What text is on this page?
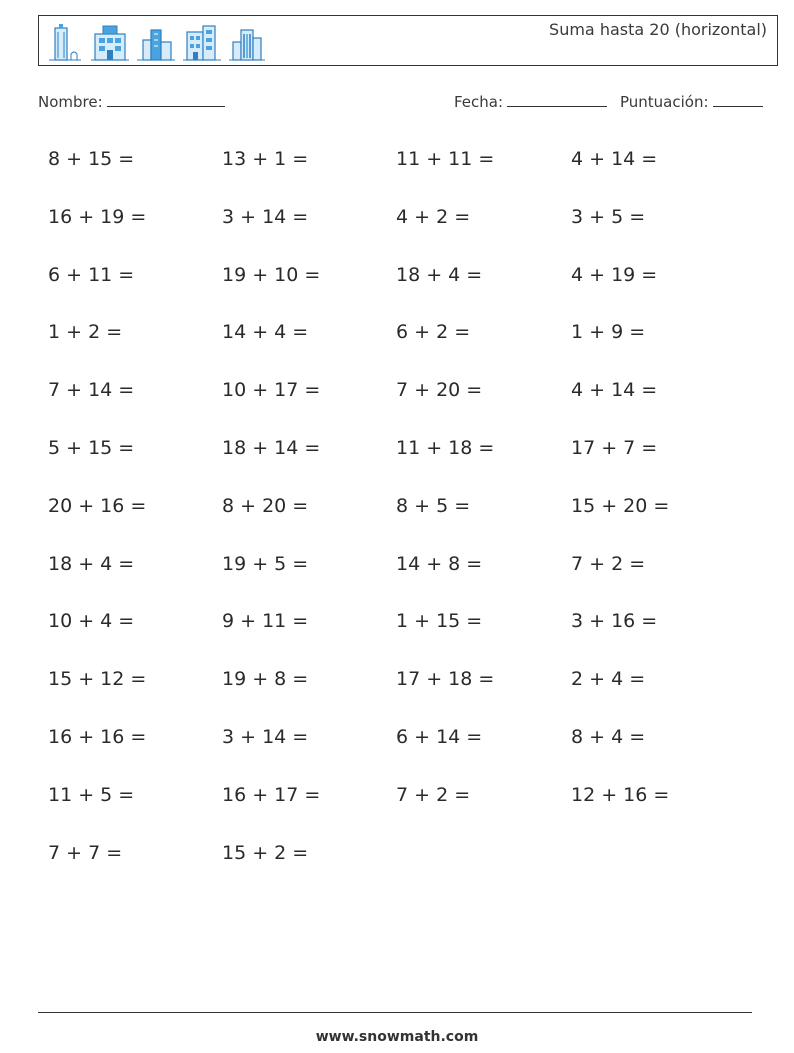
Suma hasta 20 (horizontal)
Nombre:	Fecha:	Puntuación:
8 + 15 =	13 + 1 =	11 + 11 =	4 + 14 =
16 + 19 =	3 + 14 =	4 + 2 =	3 + 5 =
6 + 11 =	19 + 10 =	18 + 4 =	4 + 19 =
1 + 2 =	14 + 4 =	6 + 2 =	1 + 9 =
7 + 14 =	10 + 17 =	7 + 20 =	4 + 14 =
5 + 15 =	18 + 14 =	11 + 18 =	17 + 7 =
20 + 16 =	8 + 20 =	8 + 5 =	15 + 20 =
18 + 4 =	19 + 5 =	14 + 8 =	7 + 2 =
10 + 4 =	9 + 11 =	1 + 15 =	3 + 16 =
15 + 12 =	19 + 8 =	17 + 18 =	2 + 4 =
16 + 16 =	3 + 14 =	6 + 14 =	8 + 4 =
11 + 5 =	16 + 17 =	7 + 2 =	12 + 16 =
7 + 7 =	15 + 2 =
www.snowmath.com
